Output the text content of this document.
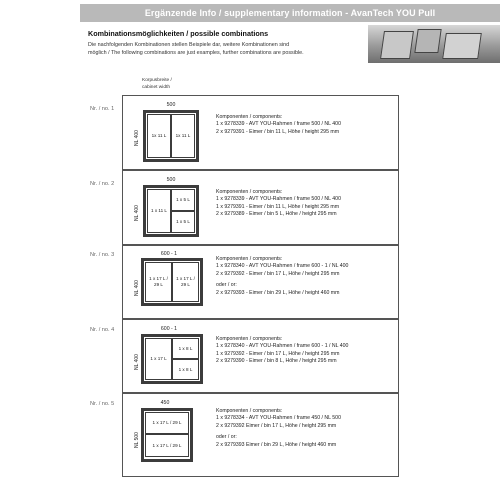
Ergänzende Info / supplementary information - AvanTech YOU Pull
Kombinationsmöglichkeiten / possible combinations
Die nachfolgenden Kombinationen stellen Beispiele dar, weitere Kombinationen sind
möglich / The following combinations are just examples, further combinations are possible.
Korpusbreite /
cabinet width
Nr. / no. 1
500
NL 400	1x 11 L	1x 11 L
Komponenten / components:
1 x 9278339 - AVT YOU-Rahmen / frame 500 / NL 400
2 x 9279391 - Eimer / bin 11 L, Höhe / height 295 mm
Nr. / no. 2
500
NL 400	1 x 11 L
1 x 5 L
1 x 5 L
Komponenten / components:
1 x 9278339 - AVT YOU-Rahmen / frame 500 / NL 400
1 x 9279391 - Eimer / bin 11 L, Höhe / height 295 mm
2 x 9279389 - Eimer / bin 5 L, Höhe / height 295 mm
Nr. / no. 3	600 - 1
NL 400
1 x 17 L / 29 L
1 x 17 L / 29 L
Komponenten / components:
1 x 9278340 - AVT YOU-Rahmen / frame 600 - 1 / NL 400
2 x 9279392 - Eimer / bin 17 L, Höhe / height 295 mm
oder / or:
2 x 9279393 - Eimer / bin 29 L, Höhe / height 460 mm
Nr. / no. 4	600 - 1
NL 400	1 x 17 L
1 x 8 L
1 x 8 L
Komponenten / components:
1 x 9278340 - AVT YOU-Rahmen / frame 600 - 1 / NL 400
1 x 9279392 - Eimer / bin 17 L, Höhe / height 295 mm
2 x 9279390 - Eimer / bin 8 L, Höhe / height 295 mm
Nr. / no. 5	450
NL 500
1 x 17 L / 29 L
1 x 17 L / 29 L
Komponenten / components:
1 x 9278334 - AVT YOU-Rahmen / frame 450 / NL 500
2 x 9279392 Eimer / bin 17 L, Höhe / height 295 mm
oder / or:
2 x 9279393 Eimer / bin 29 L, Höhe / height 460 mm
